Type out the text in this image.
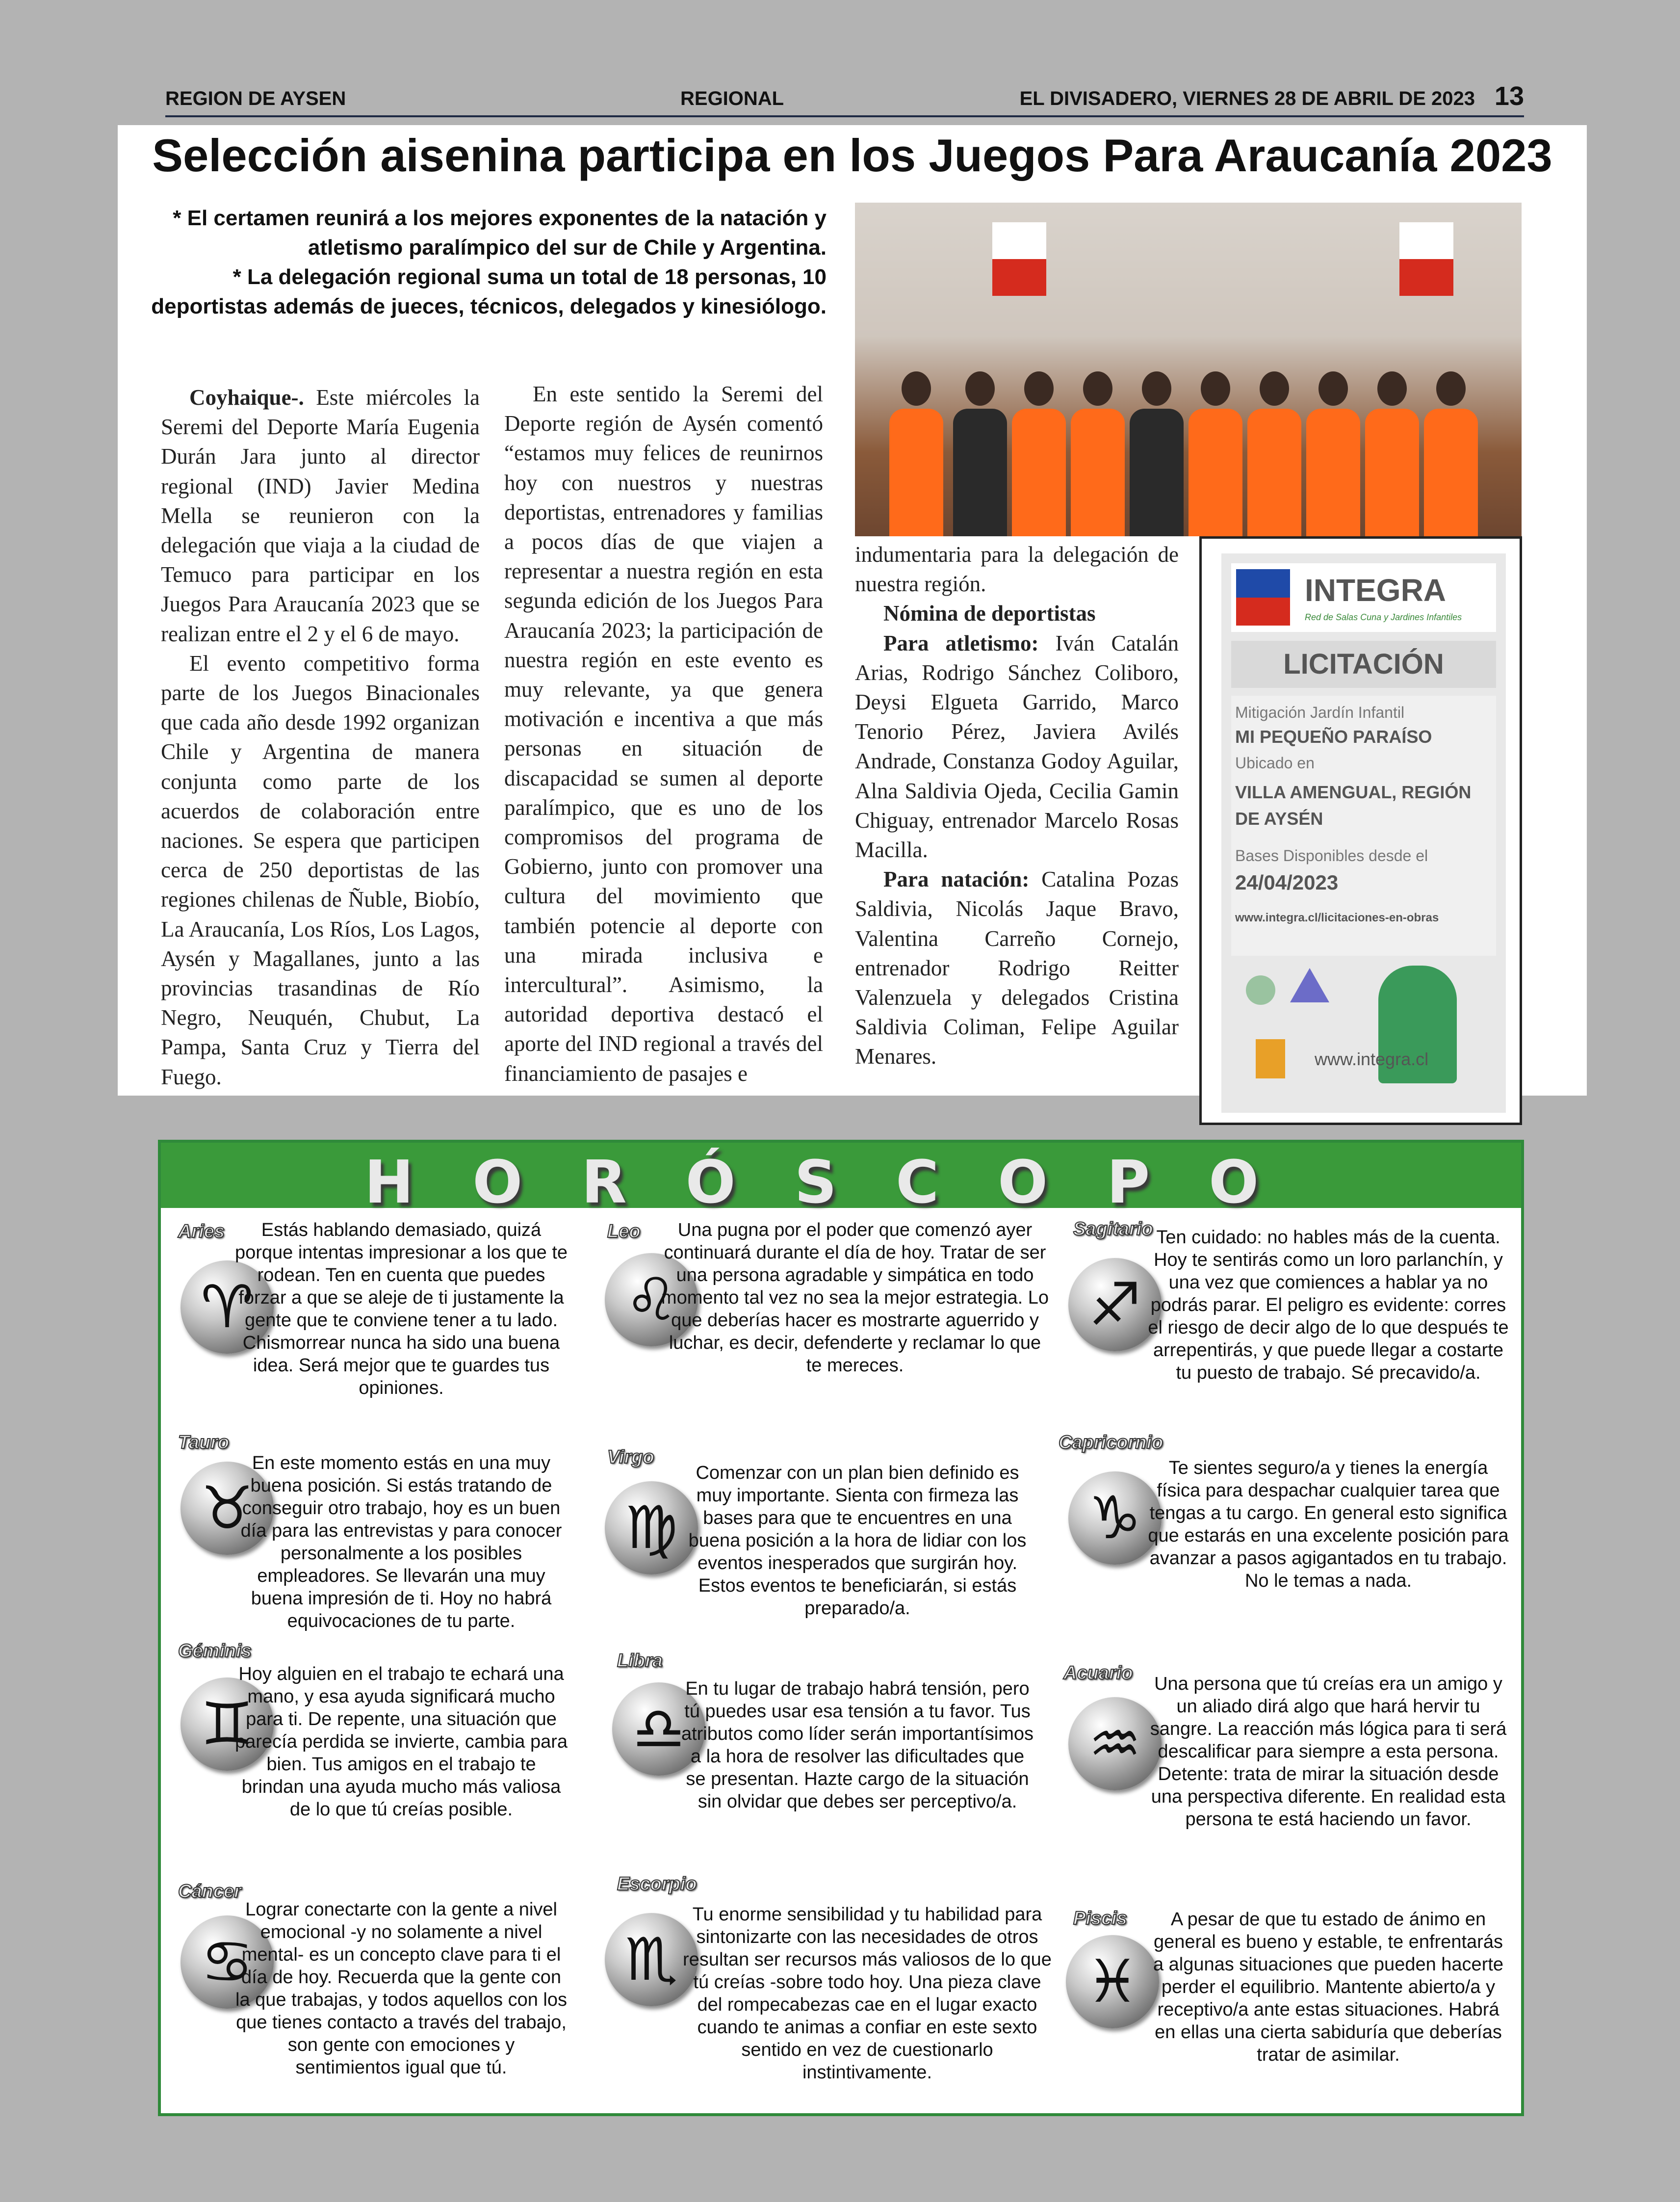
REGION DE AYSEN	REGIONAL	EL DIVISADERO, VIERNES 28 DE ABRIL DE 2023 13
Selección aisenina participa en los Juegos Para Araucanía 2023
* El certamen reunirá a los mejores exponentes de la natación y atletismo paralímpico del sur de Chile y Argentina.
* La delegación regional suma un total de 18 personas, 10 deportistas además de jueces, técnicos, delegados y kinesiólogo.

Coyhaique-. Este miércoles la Seremi del Deporte María Eugenia Durán Jara junto al director regional (IND) Javier Medina Mella se reunieron con la delegación que viaja a la ciudad de Temuco para participar en los Juegos Para Araucanía 2023 que se realizan entre el 2 y el 6 de mayo.

El evento competitivo forma parte de los Juegos Binacionales que cada año desde 1992 organizan Chile y Argentina de manera conjunta como parte de los acuerdos de colaboración entre naciones. Se espera que participen cerca de 250 deportistas de las regiones chilenas de Ñuble, Biobío, La Araucanía, Los Ríos, Los Lagos, Aysén y Magallanes, junto a las provincias trasandinas de Río Negro, Neuquén, Chubut, La Pampa, Santa Cruz y Tierra del Fuego.

En este sentido la Seremi del Deporte región de Aysén comentó “estamos muy felices de reunirnos hoy con nuestros y nuestras deportistas, entrenadores y familias a pocos días de que viajen a representar a nuestra región en esta segunda edición de los Juegos Para Araucanía 2023; la participación de nuestra región en este evento es muy relevante, ya que genera motivación e incentiva a que más personas en situación de discapacidad se sumen al deporte paralímpico, que es uno de los compromisos del programa de Gobierno, junto con promover una cultura del movimiento que también potencie al deporte con una mirada inclusiva e intercultural”. Asimismo, la autoridad deportiva destacó el aporte del IND regional a través del financiamiento de pasajes e

indumentaria para la delegación de nuestra región.

Nómina de deportistas

Para atletismo: Iván Catalán Arias, Rodrigo Sánchez Coliboro, Deysi Elgueta Garrido, Marco Tenorio Pérez, Javiera Avilés Andrade, Constanza Godoy Aguilar, Alna Saldivia Ojeda, Cecilia Gamin Chiguay, entrenador Marcelo Rosas Macilla.

Para natación: Catalina Pozas Saldivia, Nicolás Jaque Bravo, Valentina Carreño Cornejo, entrenador Rodrigo Reitter Valenzuela y delegados Cristina Saldivia Coliman, Felipe Aguilar Menares.

INTEGRA
Red de Salas Cuna y Jardines Infantiles
LICITACIÓN
Mitigación Jardín Infantil
MI PEQUEÑO PARAÍSO
Ubicado en
VILLA AMENGUAL, REGIÓN DE AYSÉN
Bases Disponibles desde el
24/04/2023
www.integra.cl/licitaciones-en-obras
www.integra.cl
HORÓSCOPO
Aries
♈
Estás hablando demasiado, quizá porque intentas impresionar a los que te rodean. Ten en cuenta que puedes forzar a que se aleje de ti justamente la gente que te conviene tener a tu lado. Chismorrear nunca ha sido una buena idea. Será mejor que te guardes tus opiniones.
Tauro
♉
En este momento estás en una muy buena posición. Si estás tratando de conseguir otro trabajo, hoy es un buen día para las entrevistas y para conocer personalmente a los posibles empleadores. Se llevarán una muy buena impresión de ti. Hoy no habrá equivocaciones de tu parte.
Géminis
♊
Hoy alguien en el trabajo te echará una mano, y esa ayuda significará mucho para ti. De repente, una situación que parecía perdida se invierte, cambia para bien. Tus amigos en el trabajo te brindan una ayuda mucho más valiosa de lo que tú creías posible.
Cáncer
♋
Lograr conectarte con la gente a nivel emocional -y no solamente a nivel mental- es un concepto clave para ti el día de hoy. Recuerda que la gente con la que trabajas, y todos aquellos con los que tienes contacto a través del trabajo, son gente con emociones y sentimientos igual que tú.
Leo
♌
Una pugna por el poder que comenzó ayer continuará durante el día de hoy. Tratar de ser una persona agradable y simpática en todo momento tal vez no sea la mejor estrategia. Lo que deberías hacer es mostrarte aguerrido y luchar, es decir, defenderte y reclamar lo que te mereces.
Virgo
♍
Comenzar con un plan bien definido es muy importante. Sienta con firmeza las bases para que te encuentres en una buena posición a la hora de lidiar con los eventos inesperados que surgirán hoy. Estos eventos te beneficiarán, si estás preparado/a.
Libra
♎
En tu lugar de trabajo habrá tensión, pero tú puedes usar esa tensión a tu favor. Tus atributos como líder serán importantísimos a la hora de resolver las dificultades que se presentan. Hazte cargo de la situación sin olvidar que debes ser perceptivo/a.
Escorpio
♏
Tu enorme sensibilidad y tu habilidad para sintonizarte con las necesidades de otros resultan ser recursos más valiosos de lo que tú creías -sobre todo hoy. Una pieza clave del rompecabezas cae en el lugar exacto cuando te animas a confiar en este sexto sentido en vez de cuestionarlo instintivamente.
Sagitario
♐
Ten cuidado: no hables más de la cuenta. Hoy te sentirás como un loro parlanchín, y una vez que comiences a hablar ya no podrás parar. El peligro es evidente: corres el riesgo de decir algo de lo que después te arrepentirás, y que puede llegar a costarte tu puesto de trabajo. Sé precavido/a.
Capricornio
♑
Te sientes seguro/a y tienes la energía física para despachar cualquier tarea que tengas a tu cargo. En general esto significa que estarás en una excelente posición para avanzar a pasos agigantados en tu trabajo. No le temas a nada.
Acuario
♒
Una persona que tú creías era un amigo y un aliado dirá algo que hará hervir tu sangre. La reacción más lógica para ti será descalificar para siempre a esta persona. Detente: trata de mirar la situación desde una perspectiva diferente. En realidad esta persona te está haciendo un favor.
Piscis
♓
A pesar de que tu estado de ánimo en general es bueno y estable, te enfrentarás a algunas situaciones que pueden hacerte perder el equilibrio. Mantente abierto/a y receptivo/a ante estas situaciones. Habrá en ellas una cierta sabiduría que deberías tratar de asimilar.
